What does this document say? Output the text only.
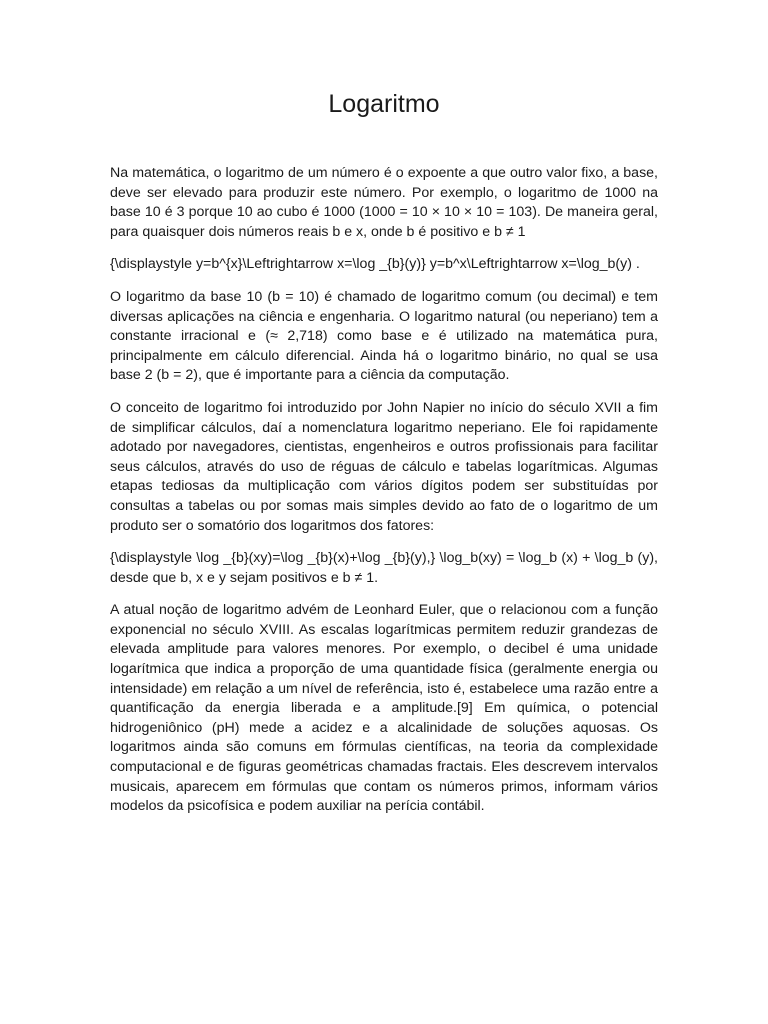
Logaritmo

Na matemática, o logaritmo de um número é o expoente a que outro valor fixo, a base, deve ser elevado para produzir este número. Por exemplo, o logaritmo de 1000 na base 10 é 3 porque 10 ao cubo é 1000 (1000 = 10 × 10 × 10 = 103). De maneira geral, para quaisquer dois números reais b e x, onde b é positivo e b ≠ 1

{\displaystyle y=b^{x}\Leftrightarrow x=\log _{b}(y)} y=b^x\Leftrightarrow x=\log_b(y) .

O logaritmo da base 10 (b = 10) é chamado de logaritmo comum (ou decimal) e tem diversas aplicações na ciência e engenharia. O logaritmo natural (ou neperiano) tem a constante irracional e (≈ 2,718) como base e é utilizado na matemática pura, principalmente em cálculo diferencial. Ainda há o logaritmo binário, no qual se usa base 2 (b = 2), que é importante para a ciência da computação.

O conceito de logaritmo foi introduzido por John Napier no início do século XVII a fim de simplificar cálculos, daí a nomenclatura logaritmo neperiano. Ele foi rapidamente adotado por navegadores, cientistas, engenheiros e outros profissionais para facilitar seus cálculos, através do uso de réguas de cálculo e tabelas logarítmicas. Algumas etapas tediosas da multiplicação com vários dígitos podem ser substituídas por consultas a tabelas ou por somas mais simples devido ao fato de o logaritmo de um produto ser o somatório dos logaritmos dos fatores:

{\displaystyle \log _{b}(xy)=\log _{b}(x)+\log _{b}(y),} \log_b(xy) = \log_b (x) + \log_b (y), desde que b, x e y sejam positivos e b ≠ 1.

A atual noção de logaritmo advém de Leonhard Euler, que o relacionou com a função exponencial no século XVIII. As escalas logarítmicas permitem reduzir grandezas de elevada amplitude para valores menores. Por exemplo, o decibel é uma unidade logarítmica que indica a proporção de uma quantidade física (geralmente energia ou intensidade) em relação a um nível de referência, isto é, estabelece uma razão entre a quantificação da energia liberada e a amplitude.[9] Em química, o potencial hidrogeniônico (pH) mede a acidez e a alcalinidade de soluções aquosas. Os logaritmos ainda são comuns em fórmulas científicas, na teoria da complexidade computacional e de figuras geométricas chamadas fractais. Eles descrevem intervalos musicais, aparecem em fórmulas que contam os números primos, informam vários modelos da psicofísica e podem auxiliar na perícia contábil.
